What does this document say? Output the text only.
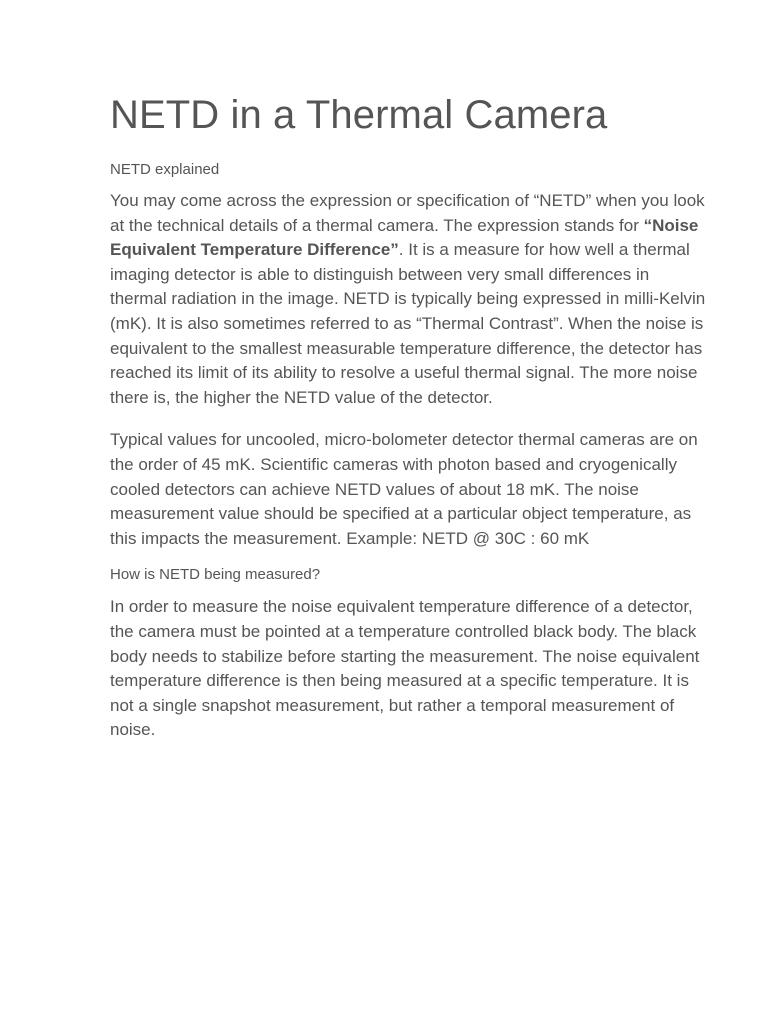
NETD in a Thermal Camera
NETD explained

You may come across the expression or specification of “NETD” when you look at the technical details of a thermal camera. The expression stands for “Noise Equivalent Temperature Difference”. It is a measure for how well a thermal imaging detector is able to distinguish between very small differences in thermal radiation in the image. NETD is typically being expressed in milli-Kelvin (mK). It is also sometimes referred to as “Thermal Contrast”. When the noise is equivalent to the smallest measurable temperature difference, the detector has reached its limit of its ability to resolve a useful thermal signal. The more noise there is, the higher the NETD value of the detector.

Typical values for uncooled, micro-bolometer detector thermal cameras are on the order of 45 mK. Scientific cameras with photon based and cryogenically cooled detectors can achieve NETD values of about 18 mK. The noise measurement value should be specified at a particular object temperature, as this impacts the measurement. Example: NETD @ 30C : 60 mK

How is NETD being measured?

In order to measure the noise equivalent temperature difference of a detector, the camera must be pointed at a temperature controlled black body. The black body needs to stabilize before starting the measurement. The noise equivalent temperature difference is then being measured at a specific temperature. It is not a single snapshot measurement, but rather a temporal measurement of noise.
